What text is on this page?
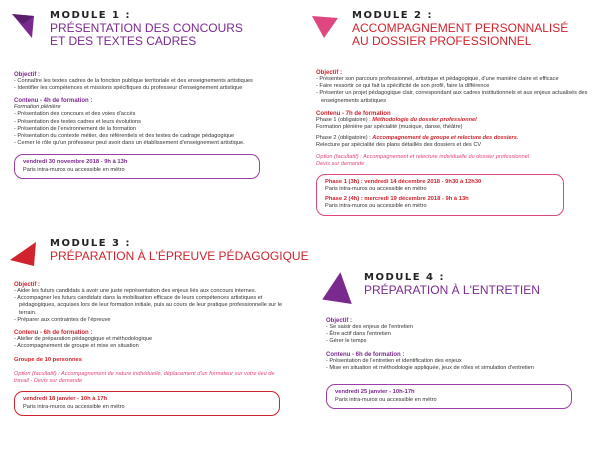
MODULE 1 :
PRÉSENTATION DES CONCOURS
ET DES TEXTES CADRES
Objectif :
- Connaître les textes cadres de la fonction publique territoriale et des enseignements artistiques
- Identifier les compétences et missions spécifiques du professeur d'enseignement artistique
Contenu - 4h de formation :
Formation plénière
- Présentation des concours et des voies d'accès
- Présentation des textes cadres et leurs évolutions
- Présentation de l'environnement de la formation
- Présentation du contexte métier, des référentiels et des textes de cadrage pédagogique
- Cerner le rôle qu'un professeur peut avoir dans un établissement d'enseignement artistique.
vendredi 30 novembre 2018 - 9h à 13h
Paris intra-muros ou accessible en métro
MODULE 2 :
ACCOMPAGNEMENT PERSONNALISÉ
AU DOSSIER PROFESSIONNEL
Objectif :
- Présenter son parcours professionnel, artistique et pédagogique, d'une manière claire et efficace
- Faire ressortir ce qui fait la spécificité de son profil, faire la différence
- Présenter un projet pédagogique clair, correspondant aux cadres institutionnels et aux enjeux actualisés des enseignements artistiques
Contenu - 7h de formation
Phase 1 (obligatoire) : Méthodologie du dossier professionnel
Formation plénière par spécialité (musique, danse, théâtre)
Phase 2 (obligatoire) : Accompagnement de groupe et relecture des dossiers.
Relecture par spécialité des plans détaillés des dossiers et des CV
Option (facultatif) : Accompagnement et relecture individuelle du dossier professionnel
Devis sur demande
Phase 1 (3h) : vendredi 14 décembre 2018 - 9h30 à 12h30
Paris intra-muros ou accessible en métro
Phase 2 (4h) : mercredi 19 décembre 2018 - 9h à 13h
Paris intra-muros ou accessible en métro
MODULE 3 :
PRÉPARATION À L'ÉPREUVE PÉDAGOGIQUE
Objectif :
- Aider les futurs candidats à avoir une juste représentation des enjeux liés aux concours internes.
- Accompagner les futurs candidats dans la mobilisation efficace de leurs compétences artistiques et pédagogiques, acquises lors de leur formation initiale, puis au cours de leur pratique professionnelle sur le terrain.
- Préparer aux contraintes de l'épreuve
Contenu - 6h de formation :
- Atelier de préparation pédagogique et méthodologique
- Accompagnement de groupe et mise en situation
Groupe de 10 personnes
Option (facultatif) : Accompagnement de nature individuelle, déplacement d'un formateur sur votre lieu de
travail - Devis sur demande
vendredi 18 janvier - 10h à 17h
Paris intra-muros ou accessible en métro
MODULE 4 :
PRÉPARATION À L'ENTRETIEN
Objectif :
- Se saisir des enjeux de l'entretien
- Être actif dans l'entretien
- Gérer le temps
Contenu - 6h de formation :
- Présentation de l'entretien et identification des enjeux
- Mise en situation et méthodologie appliquée, jeux de rôles et simulation d'entretien
vendredi 25 janvier - 10h-17h
Paris intra-muros ou accessible en métro
